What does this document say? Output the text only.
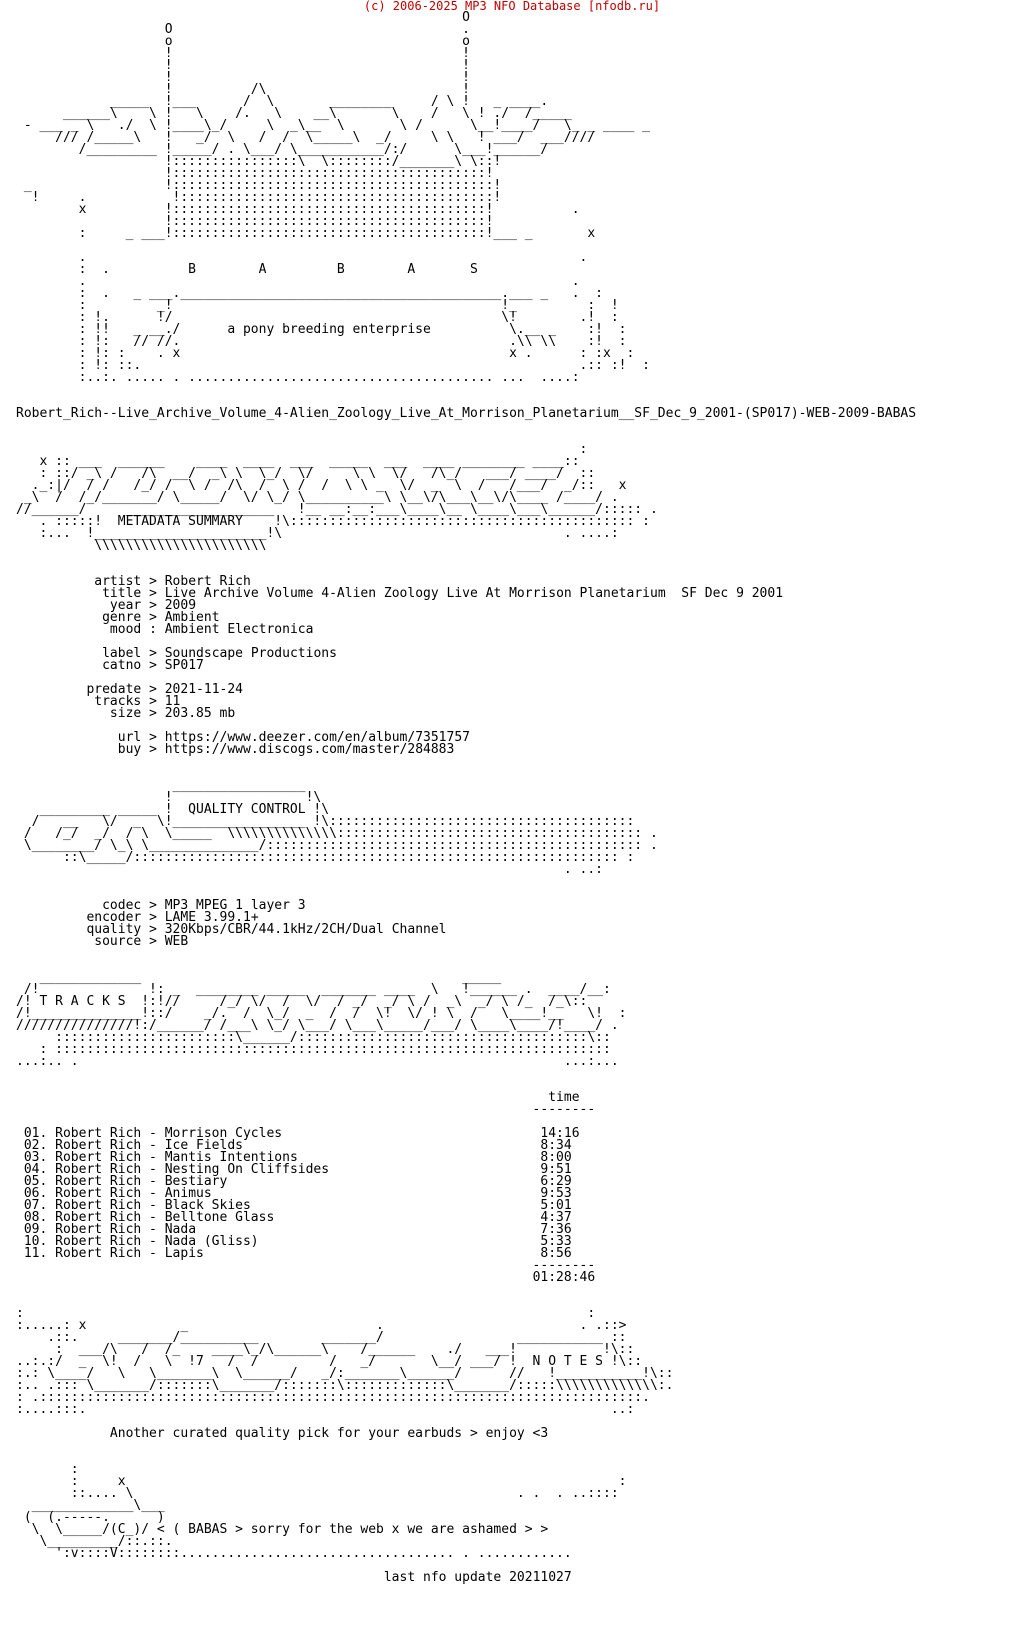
(c) 2006-2025 MP3 NFO Database [nfodb.ru]
O
O                                     .
o                                     o
!                                     !
!                                     !
!                                     !
!          /\                         !
_____  !___      /  \       ________     / \ !   _ ____.
______\    \ !   \    /.   \    __\       \    /   \ ! ./  /_____
- ___ _ \   ./  \ !____\_/     \  _\__  \       \ /      \__!____/   \_ _ ____ _
/// /_____\   !   _/  \   /  /  \_____\  _/     \ \   ! ___/  ___////
/_________ !_____/ . \___/ \___________/:/      \___!______/
!::::::::::::::::\  \::::::::/_______\ \::!
!::::::::::::::::::::::::::::::::::::::::!
_                 !:::::::::::::::::::::::::::::::::::::::::!
!     .           !::::::::::::::::::::::::::::::::::::::::!
x          !::::::::::::::::::::::::::::::::::::::::!          .
!::::::::::::::::::::::::::::::::::::::::!
:     _ ___!::::::::::::::::::::::::::::::::::::::::!___ _       x

.                                                               .
:  .          B        A         B        A       S
.                                                              .
:  .   _ ___._________________________________________.___ _   .  :
:         _!                                          !_         :  !
: !.      !/                                          \!        .!  :
: !!   _ __./      a pony breeding enterprise          \.__ _    :!  :
: !:   // //.                                          .\\ \\    :!  :
: !: :    . x                                          x .      : :x  :
: !: ::.                                                        .:: :!  :
:..:. ..... . ....................................... ...  ....:

Robert_Rich--Live_Archive_Volume_4-Alien_Zoology_Live_At_Morrison_Planetarium__SF_Dec_9_2001-(SP017)-WEB-2009-BABAS

:
x :: ___  ______    ____  ____  ___  _____  ___  ____ ________ ____::
: ::/ _\ /   /\  __/  _\ \  \_/  \/     \ \  \/   /\_/   ___/ ____/  ::
._:|/  / /   /_/ /  \ /  /\  /  \ /  /  \ \ _  \/  _  \  /   /___/  _/::   x
_\  /  /_/_______/ \_____/  \/ \_/ \__________\ \__\/\___\__\/\____ /____/ .
//______/     ___________________   !__ __:__:___\____\__ \____\___\______/::::: .
. :::::!  METADATA SUMMARY    !\:::::::::::::::::::::::::::::::::::::::::::: :
:...  !______________________!\                                    . ....:
\\\\\\\\\\\\\\\\\\\\\\

artist > Robert Rich
title > Live Archive Volume 4-Alien Zoology Live At Morrison Planetarium  SF Dec 9 2001
year > 2009
genre > Ambient
mood : Ambient Electronica

label > Soundscape Productions
catno > SP017

predate > 2021-11-24
tracks > 11
size > 203.85 mb

url > https://www.deezer.com/en/album/7351757
buy > https://www.discogs.com/master/284883

_________________
!                 !\
_________ _____ !  QUALITY CONTROL !\
/   __   \/  _  \!_________________ !\:::::::::::::::::::::::::::::::::::::::
/   /_/  _/  / \  \_____  \\\\\\\\\\\\\\::::::::::::::::::::::::::::::::::::::: .
\________/ \_\ \______________/:::::::::::::::::::::::::::::::::::::::::::::::: .
::\_____/:::::::::::::::::::::::::::::::::::::::::::::::::::::::::::::: :
. ..:

codec > MP3 MPEG 1 layer 3
encoder > LAME 3.99.1+
quality > 320Kbps/CBR/44.1kHz/2CH/Dual Channel
source > WEB

_____________                                         _____
/!              !: _  ________ _____  _______ ____  \   !______ .  ____/__:
/! T R A C K S  !:!//     /_/ \/  /  \/  / _/  _/ \ /  _\  _/ \ /_  /_\::
/!______________!::/    _/.  /  \_/  _  /  /  \!  \/ ! \  /   \____!__   \!  :
///////////////!:/______/ /___\ \_/ \___/ \___\_____/___/ \____\____/!____/ .
:::::::::::::::::::::::\______/:::::::::::::::::::::::::::::::::::::\::
: :::::::::::::::::::::::::::::::::::::::::::::::::::::::::::::::::::::::
...:.. .                                                              ...:...

time
--------

01. Robert Rich - Morrison Cycles                                 14:16
02. Robert Rich - Ice Fields                                      8:34
03. Robert Rich - Mantis Intentions                               8:00
04. Robert Rich - Nesting On Cliffsides                           9:51
05. Robert Rich - Bestiary                                        6:29
06. Robert Rich - Animus                                          9:53
07. Robert Rich - Black Skies                                     5:01
08. Robert Rich - Belltone Glass                                  4:37
09. Robert Rich - Nada                                            7:36
10. Robert Rich - Nada (Gliss)                                    5:33
11. Robert Rich - Lapis                                           8:56
--------
01:28:46

:                                                                        :
:.....: x            _                        .                         . .::>
.::.     _______/__________        _______/                 ___________ ::
:  ___/\   /  /_    ____\_/\______\    /______    ./   ___!           !\::
..:.:/  _  \!  /   \  !7   /  /         /   _/       \__/ ___/ !  N O T E S !\::
:.: \____/   \   \_______\  \______/   _/:_______\______/      //   !___________!\::
:.. .::: \_______/:::::::\_______/:::::::\:::::::::::::\_______/:::::\\\\\\\\\\\\\:.
: .:::::::::::::::::::::::::::::::::::::::::::::::::::::::::::::::::::::::::::::.
:....:::.                                                                   ..:

Another curated quality pick for your earbuds > enjoy <3

:
:     x                                                               :
::.... \                                                 . .  . ..::::
_____________\___
(  (.-----.      )
\  \_____/(C_)/ < ( BABAS > sorry for the web x we are ashamed > >
\_________/::.::.
':v::::V::::::::................................... . ............

last nfo update 20211027
